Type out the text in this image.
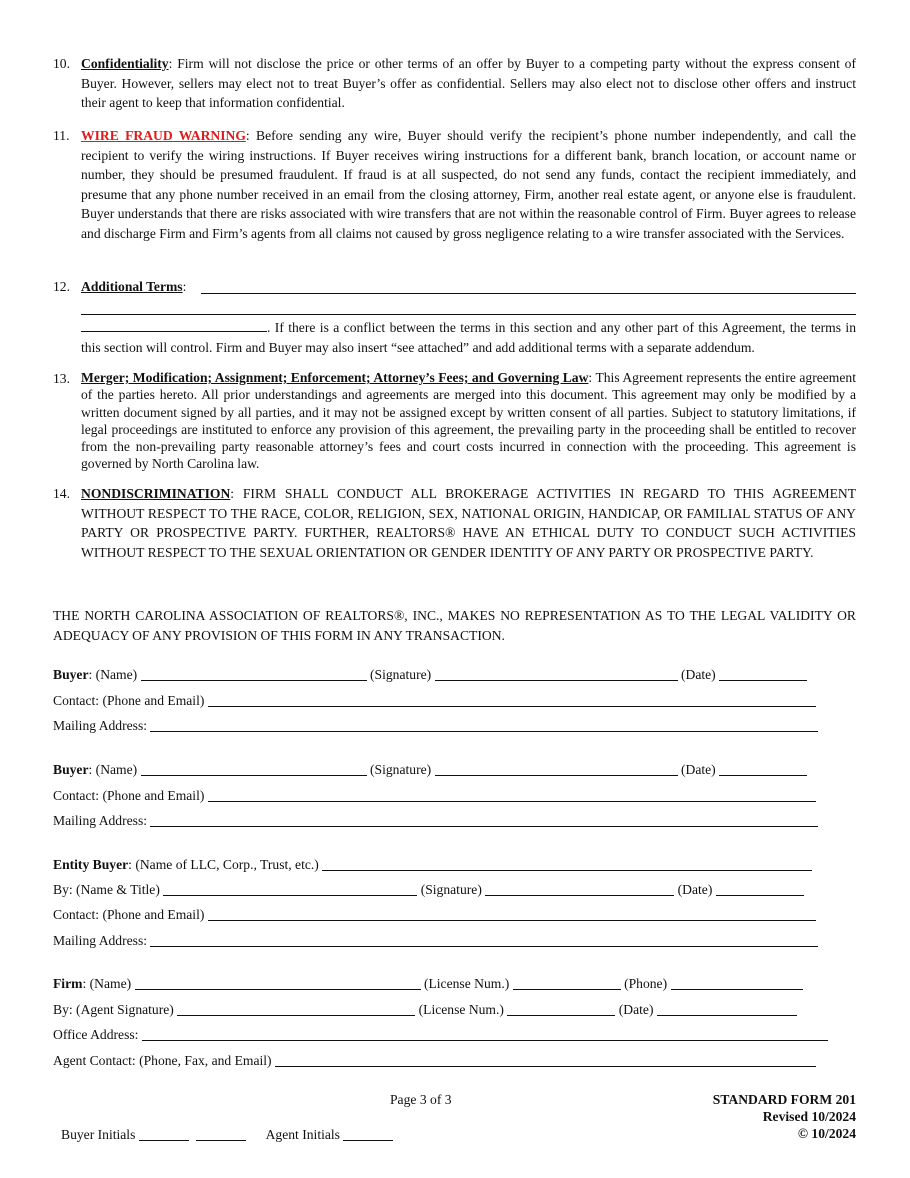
10. Confidentiality: Firm will not disclose the price or other terms of an offer by Buyer to a competing party without the express consent of Buyer. However, sellers may elect not to treat Buyer’s offer as confidential. Sellers may also elect not to disclose other offers and instruct their agent to keep that information confidential.
11. WIRE FRAUD WARNING: Before sending any wire, Buyer should verify the recipient’s phone number independently, and call the recipient to verify the wiring instructions. If Buyer receives wiring instructions for a different bank, branch location, or account name or number, they should be presumed fraudulent. If fraud is at all suspected, do not send any funds, contact the recipient immediately, and presume that any phone number received in an email from the closing attorney, Firm, another real estate agent, or anyone else is fraudulent. Buyer understands that there are risks associated with wire transfers that are not within the reasonable control of Firm. Buyer agrees to release and discharge Firm and Firm’s agents from all claims not caused by gross negligence relating to a wire transfer associated with the Services.
12. Additional Terms:
. If there is a conflict between the terms in this section and any other part of this Agreement, the terms in this section will control. Firm and Buyer may also insert “see attached” and add additional terms with a separate addendum.
13. Merger; Modification; Assignment; Enforcement; Attorney’s Fees; and Governing Law: This Agreement represents the entire agreement of the parties hereto. All prior understandings and agreements are merged into this document. This agreement may only be modified by a written document signed by all parties, and it may not be assigned except by written consent of all parties. Subject to statutory limitations, if legal proceedings are instituted to enforce any provision of this agreement, the prevailing party in the proceeding shall be entitled to recover from the non-prevailing party reasonable attorney’s fees and court costs incurred in connection with the proceeding. This agreement is governed by North Carolina law.
14. NONDISCRIMINATION: FIRM SHALL CONDUCT ALL BROKERAGE ACTIVITIES IN REGARD TO THIS AGREEMENT WITHOUT RESPECT TO THE RACE, COLOR, RELIGION, SEX, NATIONAL ORIGIN, HANDICAP, OR FAMILIAL STATUS OF ANY PARTY OR PROSPECTIVE PARTY. FURTHER, REALTORS® HAVE AN ETHICAL DUTY TO CONDUCT SUCH ACTIVITIES WITHOUT RESPECT TO THE SEXUAL ORIENTATION OR GENDER IDENTITY OF ANY PARTY OR PROSPECTIVE PARTY.
THE NORTH CAROLINA ASSOCIATION OF REALTORS®, INC., MAKES NO REPRESENTATION AS TO THE LEGAL VALIDITY OR ADEQUACY OF ANY PROVISION OF THIS FORM IN ANY TRANSACTION.
Buyer: (Name)	(Signature)	(Date)
Contact: (Phone and Email)
Mailing Address:
Buyer: (Name)	(Signature)	(Date)
Contact: (Phone and Email)
Mailing Address:
Entity Buyer: (Name of LLC, Corp., Trust, etc.)
By: (Name & Title)	(Signature)	(Date)
Contact: (Phone and Email)
Mailing Address:
Firm: (Name)	(License Num.)	(Phone)
By: (Agent Signature)	(License Num.)	(Date)
Office Address:
Agent Contact: (Phone, Fax, and Email)
Page 3 of 3
Buyer Initials	Agent Initials
STANDARD FORM 201
Revised 10/2024
© 10/2024
